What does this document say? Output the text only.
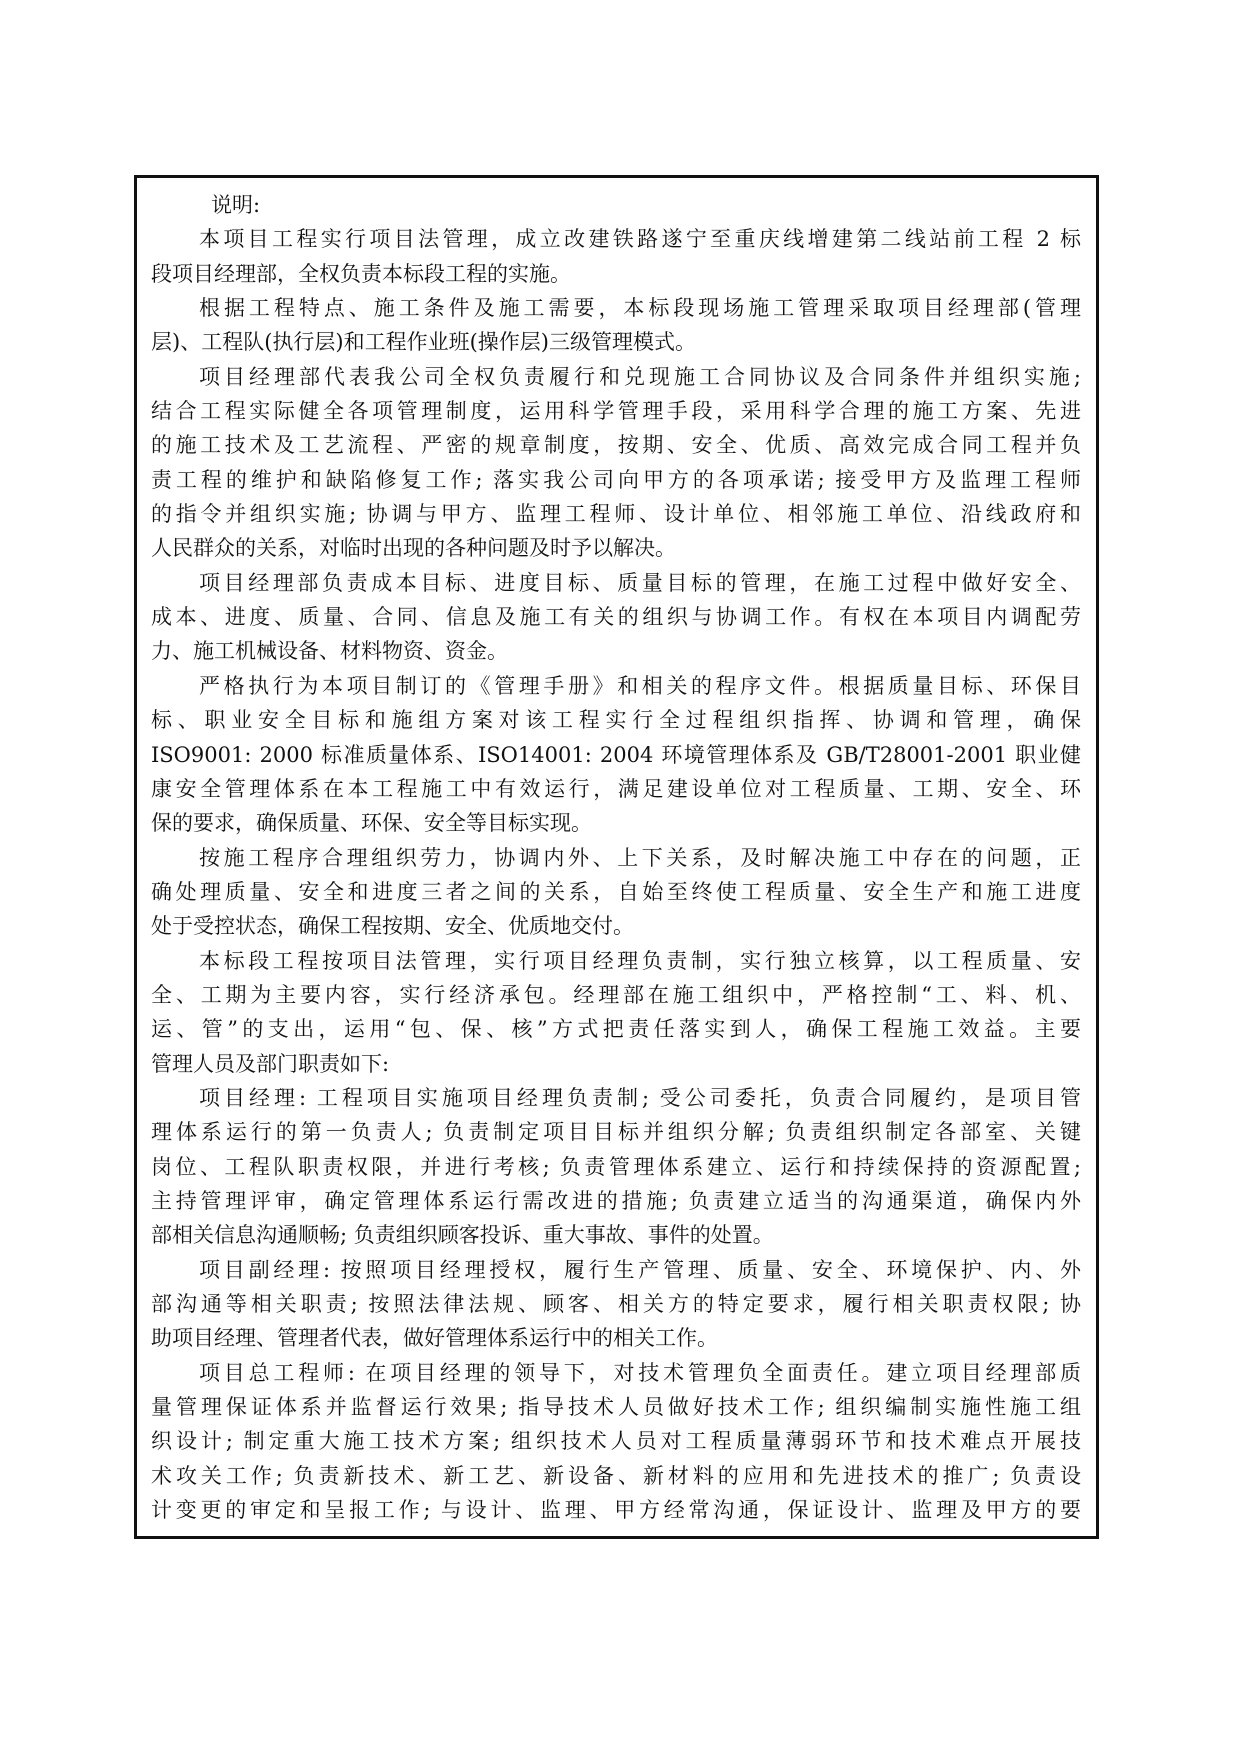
说明:
本项目工程实行项目法管理，成立改建铁路遂宁至重庆线增建第二线站前工程 2 标
段项目经理部，全权负责本标段工程的实施。
根据工程特点、施工条件及施工需要，本标段现场施工管理采取项目经理部(管理
层)、工程队(执行层)和工程作业班(操作层)三级管理模式。
项目经理部代表我公司全权负责履行和兑现施工合同协议及合同条件并组织实施;
结合工程实际健全各项管理制度，运用科学管理手段，采用科学合理的施工方案、先进
的施工技术及工艺流程、严密的规章制度，按期、安全、优质、高效完成合同工程并负
责工程的维护和缺陷修复工作; 落实我公司向甲方的各项承诺; 接受甲方及监理工程师
的指令并组织实施; 协调与甲方、监理工程师、设计单位、相邻施工单位、沿线政府和
人民群众的关系，对临时出现的各种问题及时予以解决。
项目经理部负责成本目标、进度目标、质量目标的管理，在施工过程中做好安全、
成本、进度、质量、合同、信息及施工有关的组织与协调工作。有权在本项目内调配劳
力、施工机械设备、材料物资、资金。
严格执行为本项目制订的《管理手册》和相关的程序文件。根据质量目标、环保目
标、职业安全目标和施组方案对该工程实行全过程组织指挥、协调和管理，确保
ISO9001: 2000 标准质量体系、ISO14001: 2004 环境管理体系及 GB/T28001-2001 职业健
康安全管理体系在本工程施工中有效运行，满足建设单位对工程质量、工期、安全、环
保的要求，确保质量、环保、安全等目标实现。
按施工程序合理组织劳力，协调内外、上下关系，及时解决施工中存在的问题，正
确处理质量、安全和进度三者之间的关系，自始至终使工程质量、安全生产和施工进度
处于受控状态，确保工程按期、安全、优质地交付。
本标段工程按项目法管理，实行项目经理负责制，实行独立核算，以工程质量、安
全、工期为主要内容，实行经济承包。经理部在施工组织中，严格控制“工、料、机、
运、管”的支出，运用“包、保、核”方式把责任落实到人，确保工程施工效益。主要
管理人员及部门职责如下:
项目经理: 工程项目实施项目经理负责制; 受公司委托，负责合同履约，是项目管
理体系运行的第一负责人; 负责制定项目目标并组织分解; 负责组织制定各部室、关键
岗位、工程队职责权限，并进行考核; 负责管理体系建立、运行和持续保持的资源配置;
主持管理评审，确定管理体系运行需改进的措施; 负责建立适当的沟通渠道，确保内外
部相关信息沟通顺畅; 负责组织顾客投诉、重大事故、事件的处置。
项目副经理: 按照项目经理授权，履行生产管理、质量、安全、环境保护、内、外
部沟通等相关职责; 按照法律法规、顾客、相关方的特定要求，履行相关职责权限; 协
助项目经理、管理者代表，做好管理体系运行中的相关工作。
项目总工程师: 在项目经理的领导下，对技术管理负全面责任。建立项目经理部质
量管理保证体系并监督运行效果; 指导技术人员做好技术工作; 组织编制实施性施工组
织设计; 制定重大施工技术方案; 组织技术人员对工程质量薄弱环节和技术难点开展技
术攻关工作; 负责新技术、新工艺、新设备、新材料的应用和先进技术的推广; 负责设
计变更的审定和呈报工作; 与设计、监理、甲方经常沟通，保证设计、监理及甲方的要
